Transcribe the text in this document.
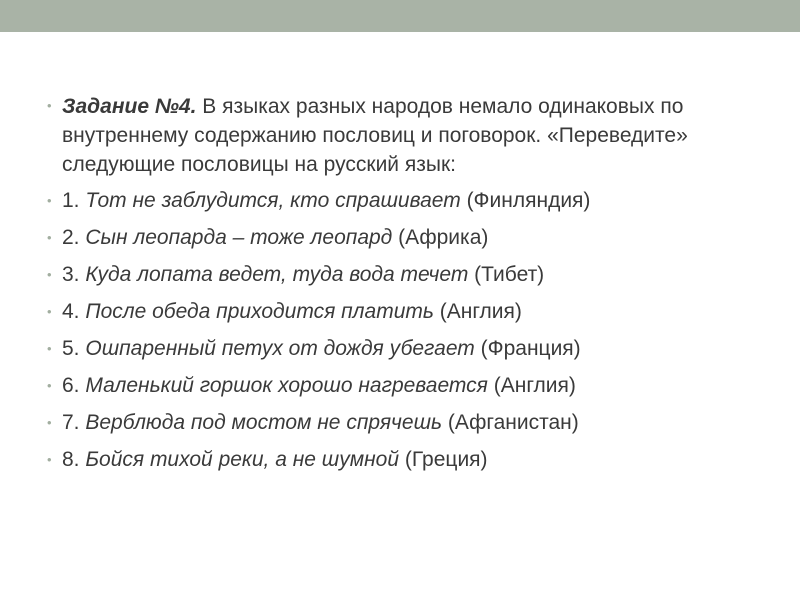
• Задание №4. В языках разных народов немало одинаковых по внутреннему содержанию пословиц и поговорок. «Переведите» следующие пословицы на русский язык:
• 1. Тот не заблудится, кто спрашивает (Финляндия)
• 2. Сын леопарда – тоже леопард (Африка)
• 3. Куда лопата ведет, туда вода течет (Тибет)
• 4. После обеда приходится платить (Англия)
• 5. Ошпаренный петух от дождя убегает (Франция)
• 6. Маленький горшок хорошо нагревается (Англия)
• 7. Верблюда под мостом не спрячешь (Афганистан)
• 8. Бойся тихой реки, а не шумной (Греция)
